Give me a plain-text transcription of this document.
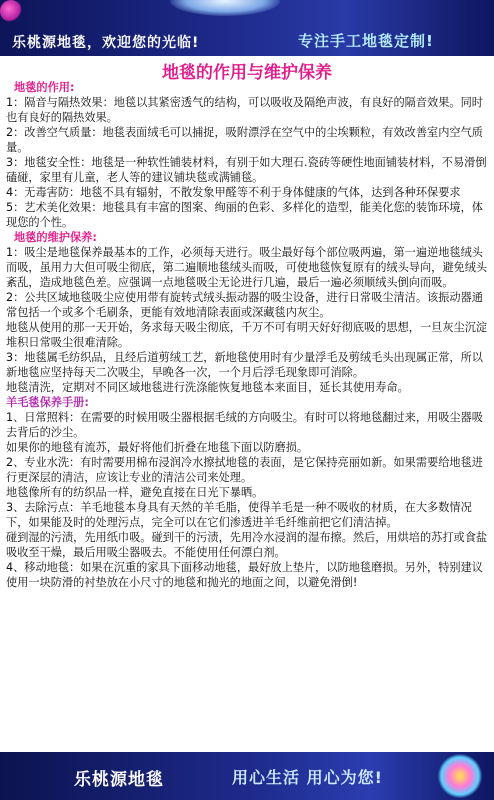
乐桃源地毯，欢迎您的光临!	专注手工地毯定制!
地毯的作用与维护保养

地毯的作用:

1：隔音与隔热效果：地毯以其紧密透气的结构，可以吸收及隔绝声波，有良好的隔音效果。同时也有良好的隔热效果。

2：改善空气质量：地毯表面绒毛可以捕捉，吸附漂浮在空气中的尘埃颗粒，有效改善室内空气质量。

3：地毯安全性：地毯是一种软性铺装材料，有别于如大理石.瓷砖等硬性地面铺装材料，不易滑倒磕碰，家里有儿童，老人等的建议铺块毯或满铺毯。

4：无毒害防：地毯不具有辐射，不散发象甲醛等不利于身体健康的气体，达到各种环保要求

5：艺术美化效果：地毯具有丰富的图案、绚丽的色彩、多样化的造型，能美化您的装饰环境，体现您的个性。

地毯的维护保养:

1：吸尘是地毯保养最基本的工作，必须每天进行。吸尘最好每个部位吸两遍，第一遍逆地毯绒头而吸，虽用力大但可吸尘彻底，第二遍顺地毯绒头而吸，可使地毯恢复原有的绒头导向，避免绒头紊乱，造成地毯色差。应强调一点地毯吸尘无论进行几遍，最后一遍必须顺绒头倒向而吸。

2：公共区域地毯吸尘应使用带有旋转式绒头振动器的吸尘设备，进行日常吸尘清洁。该振动器通常包括一个或多个毛刷条，更能有效地清除表面或深藏毯内灰尘。

地毯从使用的那一天开始，务求每天吸尘彻底，千万不可有明天好好彻底吸的思想，一旦灰尘沉淀堆积日常吸尘很难清除。

3：地毯属毛纺织品，且经后道剪绒工艺，新地毯使用时有少量浮毛及剪绒毛头出现属正常，所以新地毯应坚持每天二次吸尘，早晚各一次，一个月后浮毛现象即可消除。

地毯清洗，定期对不同区域地毯进行洗涤能恢复地毯本来面目，延长其使用寿命。

羊毛毯保养手册:

1、日常照料：在需要的时候用吸尘器根据毛绒的方向吸尘。有时可以将地毯翻过来，用吸尘器吸去背后的沙尘。

如果你的地毯有流苏，最好将他们折叠在地毯下面以防磨损。

2、专业水洗：有时需要用棉布浸润冷水擦拭地毯的表面，是它保持亮丽如新。如果需要给地毯进行更深层的清洁，应该让专业的清洁公司来处理。

地毯像所有的纺织品一样，避免直接在日光下暴晒。

3、去除污点：羊毛地毯本身具有天然的羊毛脂，使得羊毛是一种不吸收的材质，在大多数情况下，如果能及时的处理污点，完全可以在它们渗透进羊毛纤维前把它们清洁掉。

碰到湿的污渍，先用纸巾吸。碰到干的污渍，先用冷水浸润的湿布擦。然后，用烘培的苏打或食盐吸收至干燥，最后用吸尘器吸去。不能使用任何漂白剂。

4、移动地毯：如果在沉重的家具下面移动地毯，最好放上垫片，以防地毯磨损。另外，特别建议使用一块防滑的衬垫放在小尺寸的地毯和抛光的地面之间，以避免滑倒!

乐桃源地毯	用心生活 用心为您!
